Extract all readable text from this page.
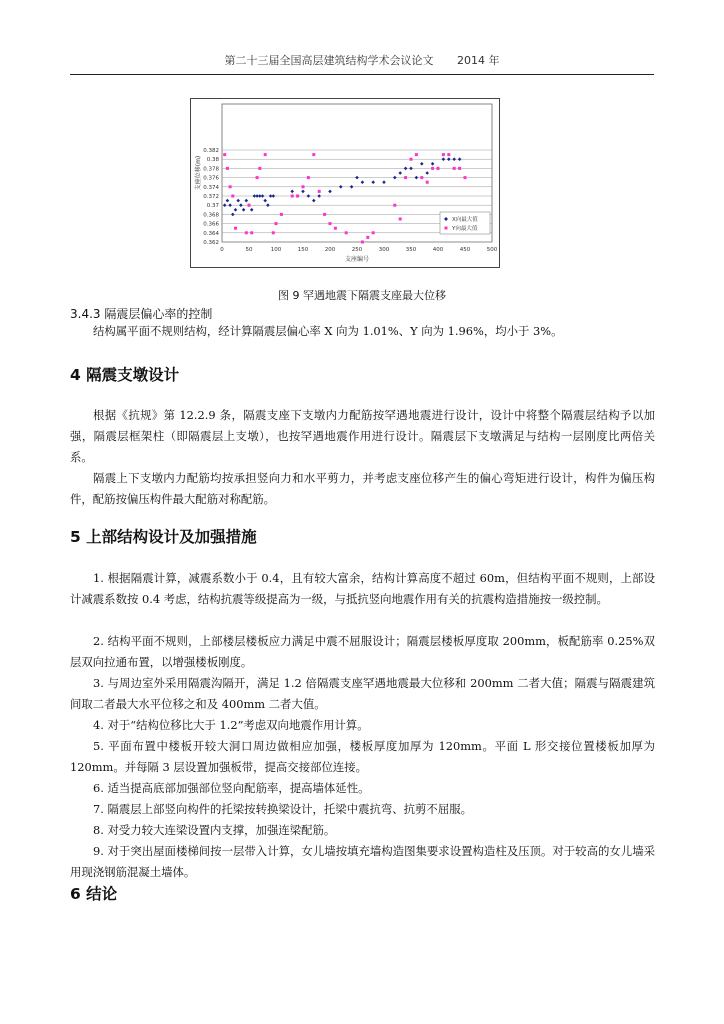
第二十三届全国高层建筑结构学术会议论文 2014 年
0.362
0.364
0.366
0.368
0.37
0.372
0.374
0.376
0.378
0.38
0.382
0	50	100	150	200	250	300	350	400	450	500
支座编号
支座位移(m)
X向最大值
Y向最大值
图 9 罕遇地震下隔震支座最大位移
3.4.3 隔震层偏心率的控制

结构属平面不规则结构，经计算隔震层偏心率 X 向为 1.01%、Y 向为 1.96%，均小于 3%。

4 隔震支墩设计

根据《抗规》第 12.2.9 条，隔震支座下支墩内力配筋按罕遇地震进行设计，设计中将整个隔震层结构予以加强，隔震层框架柱（即隔震层上支墩），也按罕遇地震作用进行设计。隔震层下支墩满足与结构一层刚度比两倍关系。

隔震上下支墩内力配筋均按承担竖向力和水平剪力，并考虑支座位移产生的偏心弯矩进行设计，构件为偏压构件，配筋按偏压构件最大配筋对称配筋。

5 上部结构设计及加强措施

1. 根据隔震计算，减震系数小于 0.4，且有较大富余，结构计算高度不超过 60m，但结构平面不规则，上部设计减震系数按 0.4 考虑，结构抗震等级提高为一级，与抵抗竖向地震作用有关的抗震构造措施按一级控制。

2. 结构平面不规则，上部楼层楼板应力满足中震不屈服设计；隔震层楼板厚度取 200mm，板配筋率 0.25%双层双向拉通布置，以增强楼板刚度。

3. 与周边室外采用隔震沟隔开，满足 1.2 倍隔震支座罕遇地震最大位移和 200mm 二者大值；隔震与隔震建筑间取二者最大水平位移之和及 400mm 二者大值。

4. 对于“结构位移比大于 1.2”考虑双向地震作用计算。

5. 平面布置中楼板开较大洞口周边做相应加强，楼板厚度加厚为 120mm。平面 L 形交接位置楼板加厚为 120mm。并每隔 3 层设置加强板带，提高交接部位连接。

6. 适当提高底部加强部位竖向配筋率，提高墙体延性。

7. 隔震层上部竖向构件的托梁按转换梁设计，托梁中震抗弯、抗剪不屈服。

8. 对受力较大连梁设置内支撑，加强连梁配筋。

9. 对于突出屋面楼梯间按一层带入计算，女儿墙按填充墙构造图集要求设置构造柱及压顶。对于较高的女儿墙采用现浇钢筋混凝土墙体。

6 结论
